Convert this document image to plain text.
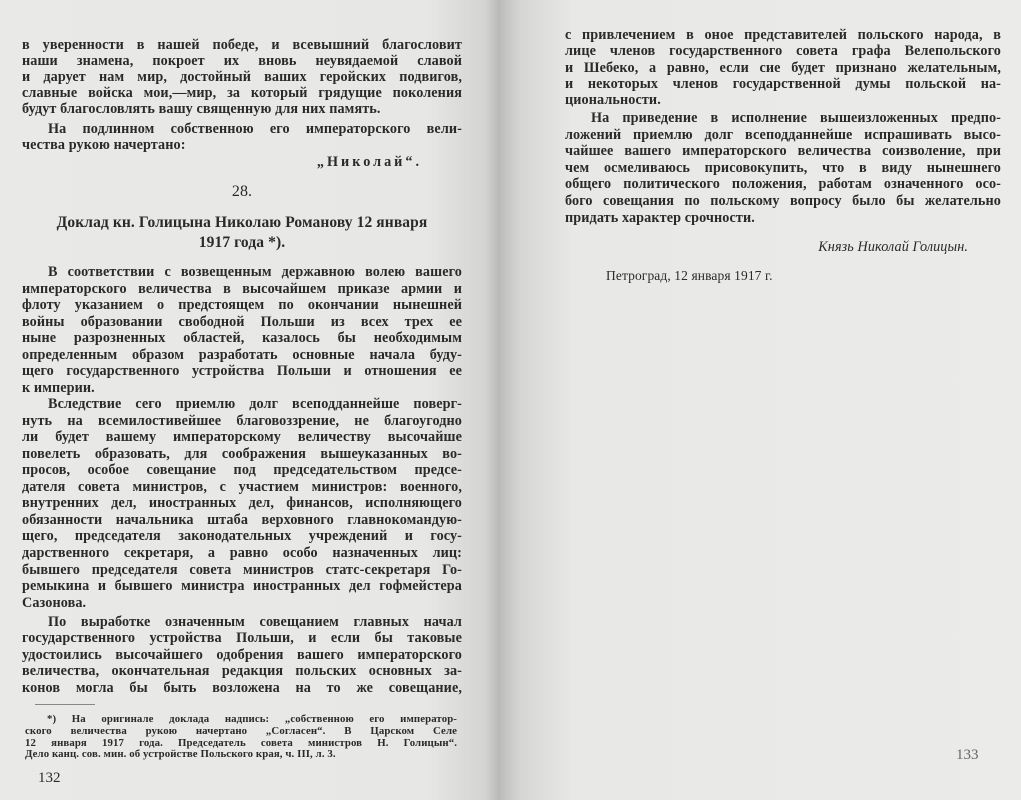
в уверенности в нашей победе, и всевышний благословит
наши знамена, покроет их вновь неувядаемой славой
и дарует нам мир, достойный ваших геройских подвигов,
славные войска мои,—мир, за который грядущие поколения
будут благословлять вашу священную для них память.
На подлинном собственною его императорского вели-
чества рукою начертано:
Доклад кн. Голицына Николаю Романову 12 января
1917 года *).
В соответствии с возвещенным державною волею вашего
императорского величества в высочайшем приказе армии и
флоту указанием о предстоящем по окончании нынешней
войны образовании свободной Польши из всех трех ее
ныне разрозненных областей, казалось бы необходимым
определенным образом разработать основные начала буду-
щего государственного устройства Польши и отношения ее
к империи.
Вследствие сего приемлю долг всеподданнейше поверг-
нуть на всемилостивейшее благовоззрение, не благоугодно
ли будет вашему императорскому величеству высочайше
повелеть образовать, для соображения вышеуказанных во-
просов, особое совещание под председательством предсе-
дателя совета министров, с участием министров: военного,
внутренних дел, иностранных дел, финансов, исполняющего
обязанности начальника штаба верховного главнокомандую-
щего, председателя законодательных учреждений и госу-
дарственного секретаря, а равно особо назначенных лиц:
бывшего председателя совета министров статс-секретаря Го-
ремыкина и бывшего министра иностранных дел гофмейстера
Сазонова.
По выработке означенным совещанием главных начал
государственного устройства Польши, и если бы таковые
удостоились высочайшего одобрения вашего императорского
величества, окончательная редакция польских основных за-
конов могла бы быть возложена на то же совещание,
*) На оригинале доклада надпись: „собственною его император-
ского величества рукою начертано „Согласен“. В Царском Селе
12 января 1917 года. Председатель совета министров Н. Голицын“.
Дело канц. сов. мин. об устройстве Польского края, ч. III, л. 3.
„Николай“.
28.
132
с привлечением в оное представителей польского народа, в
лице членов государственного совета графа Велепольского
и Шебеко, а равно, если сие будет признано желательным,
и некоторых членов государственной думы польской на-
циональности.
На приведение в исполнение вышеизложенных предпо-
ложений приемлю долг всеподданнейше испрашивать высо-
чайшее вашего императорского величества соизволение, при
чем осмеливаюсь присовокупить, что в виду нынешнего
общего политического положения, работам означенного осо-
бого совещания по польскому вопросу было бы желательно
придать характер срочности.
Князь Николай Голицын.
Петроград, 12 января 1917 г.
133
